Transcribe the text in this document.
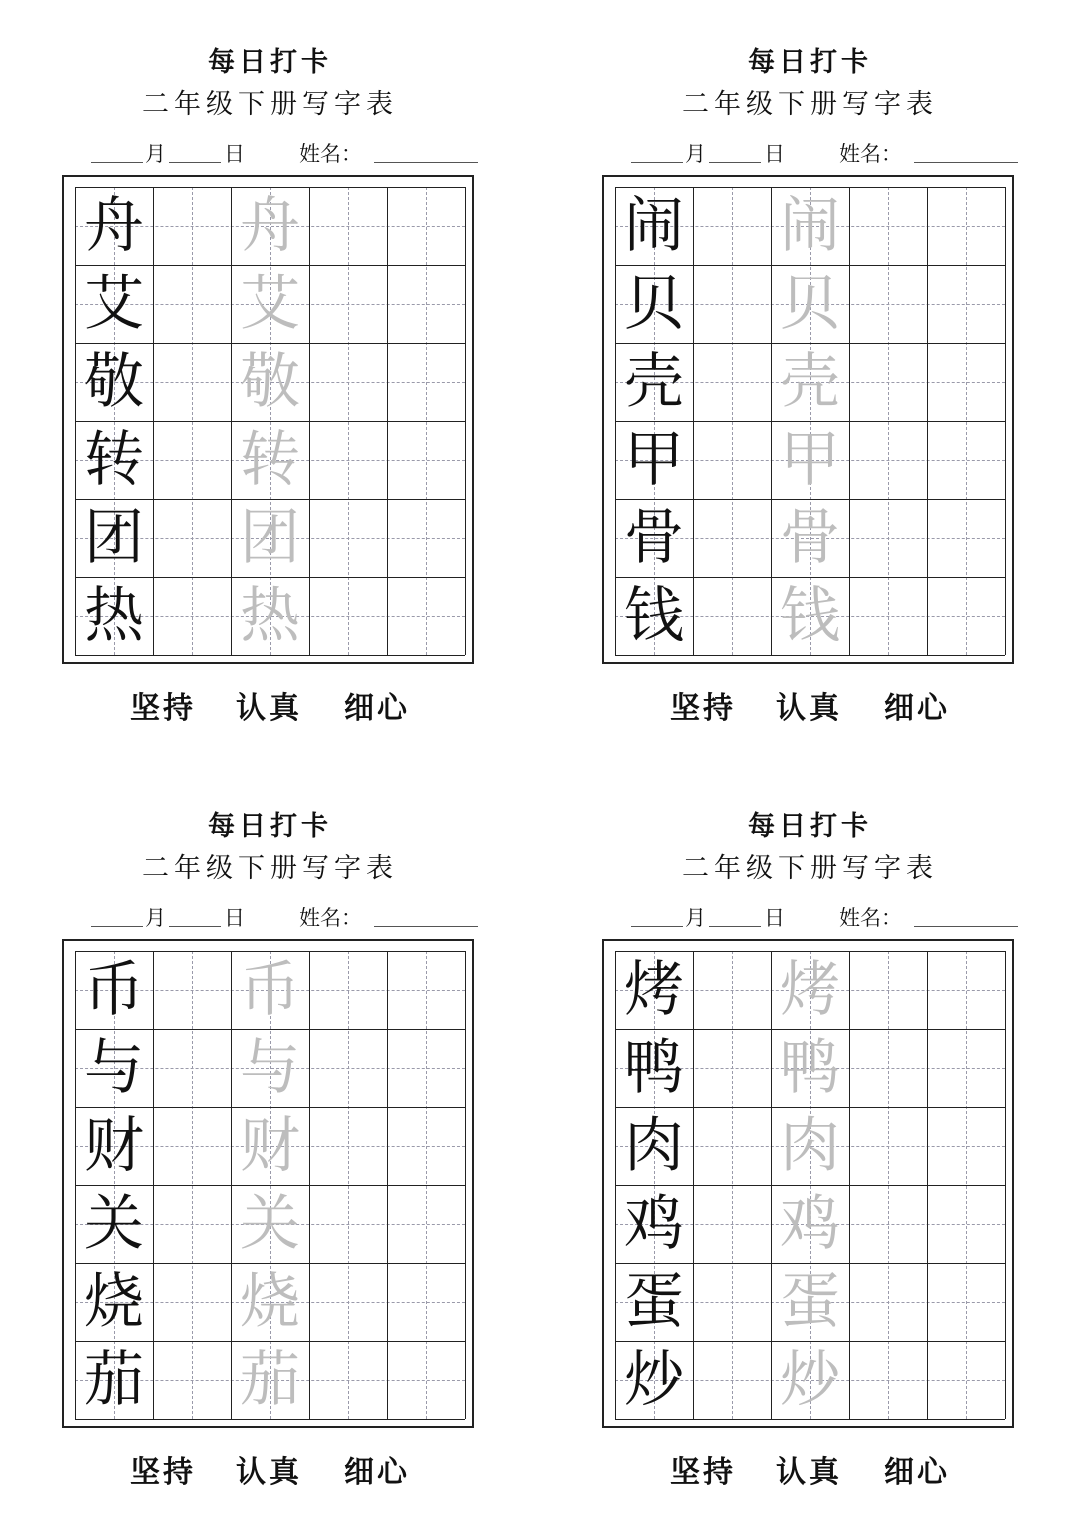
每日打卡
二年级下册写字表
月	日	姓名：
舟 舟
艾 艾
敬 敬
转 转
团 团
热 热
坚持 认真 细心
每日打卡
二年级下册写字表
月	日	姓名：
闹 闹
贝 贝
壳 壳
甲 甲
骨 骨
钱 钱
坚持 认真 细心
每日打卡
二年级下册写字表
月	日	姓名：
币 币
与 与
财 财
关 关
烧 烧
茄 茄
坚持 认真 细心
每日打卡
二年级下册写字表
月	日	姓名：
烤 烤
鸭 鸭
肉 肉
鸡 鸡
蛋 蛋
炒 炒
坚持 认真 细心
